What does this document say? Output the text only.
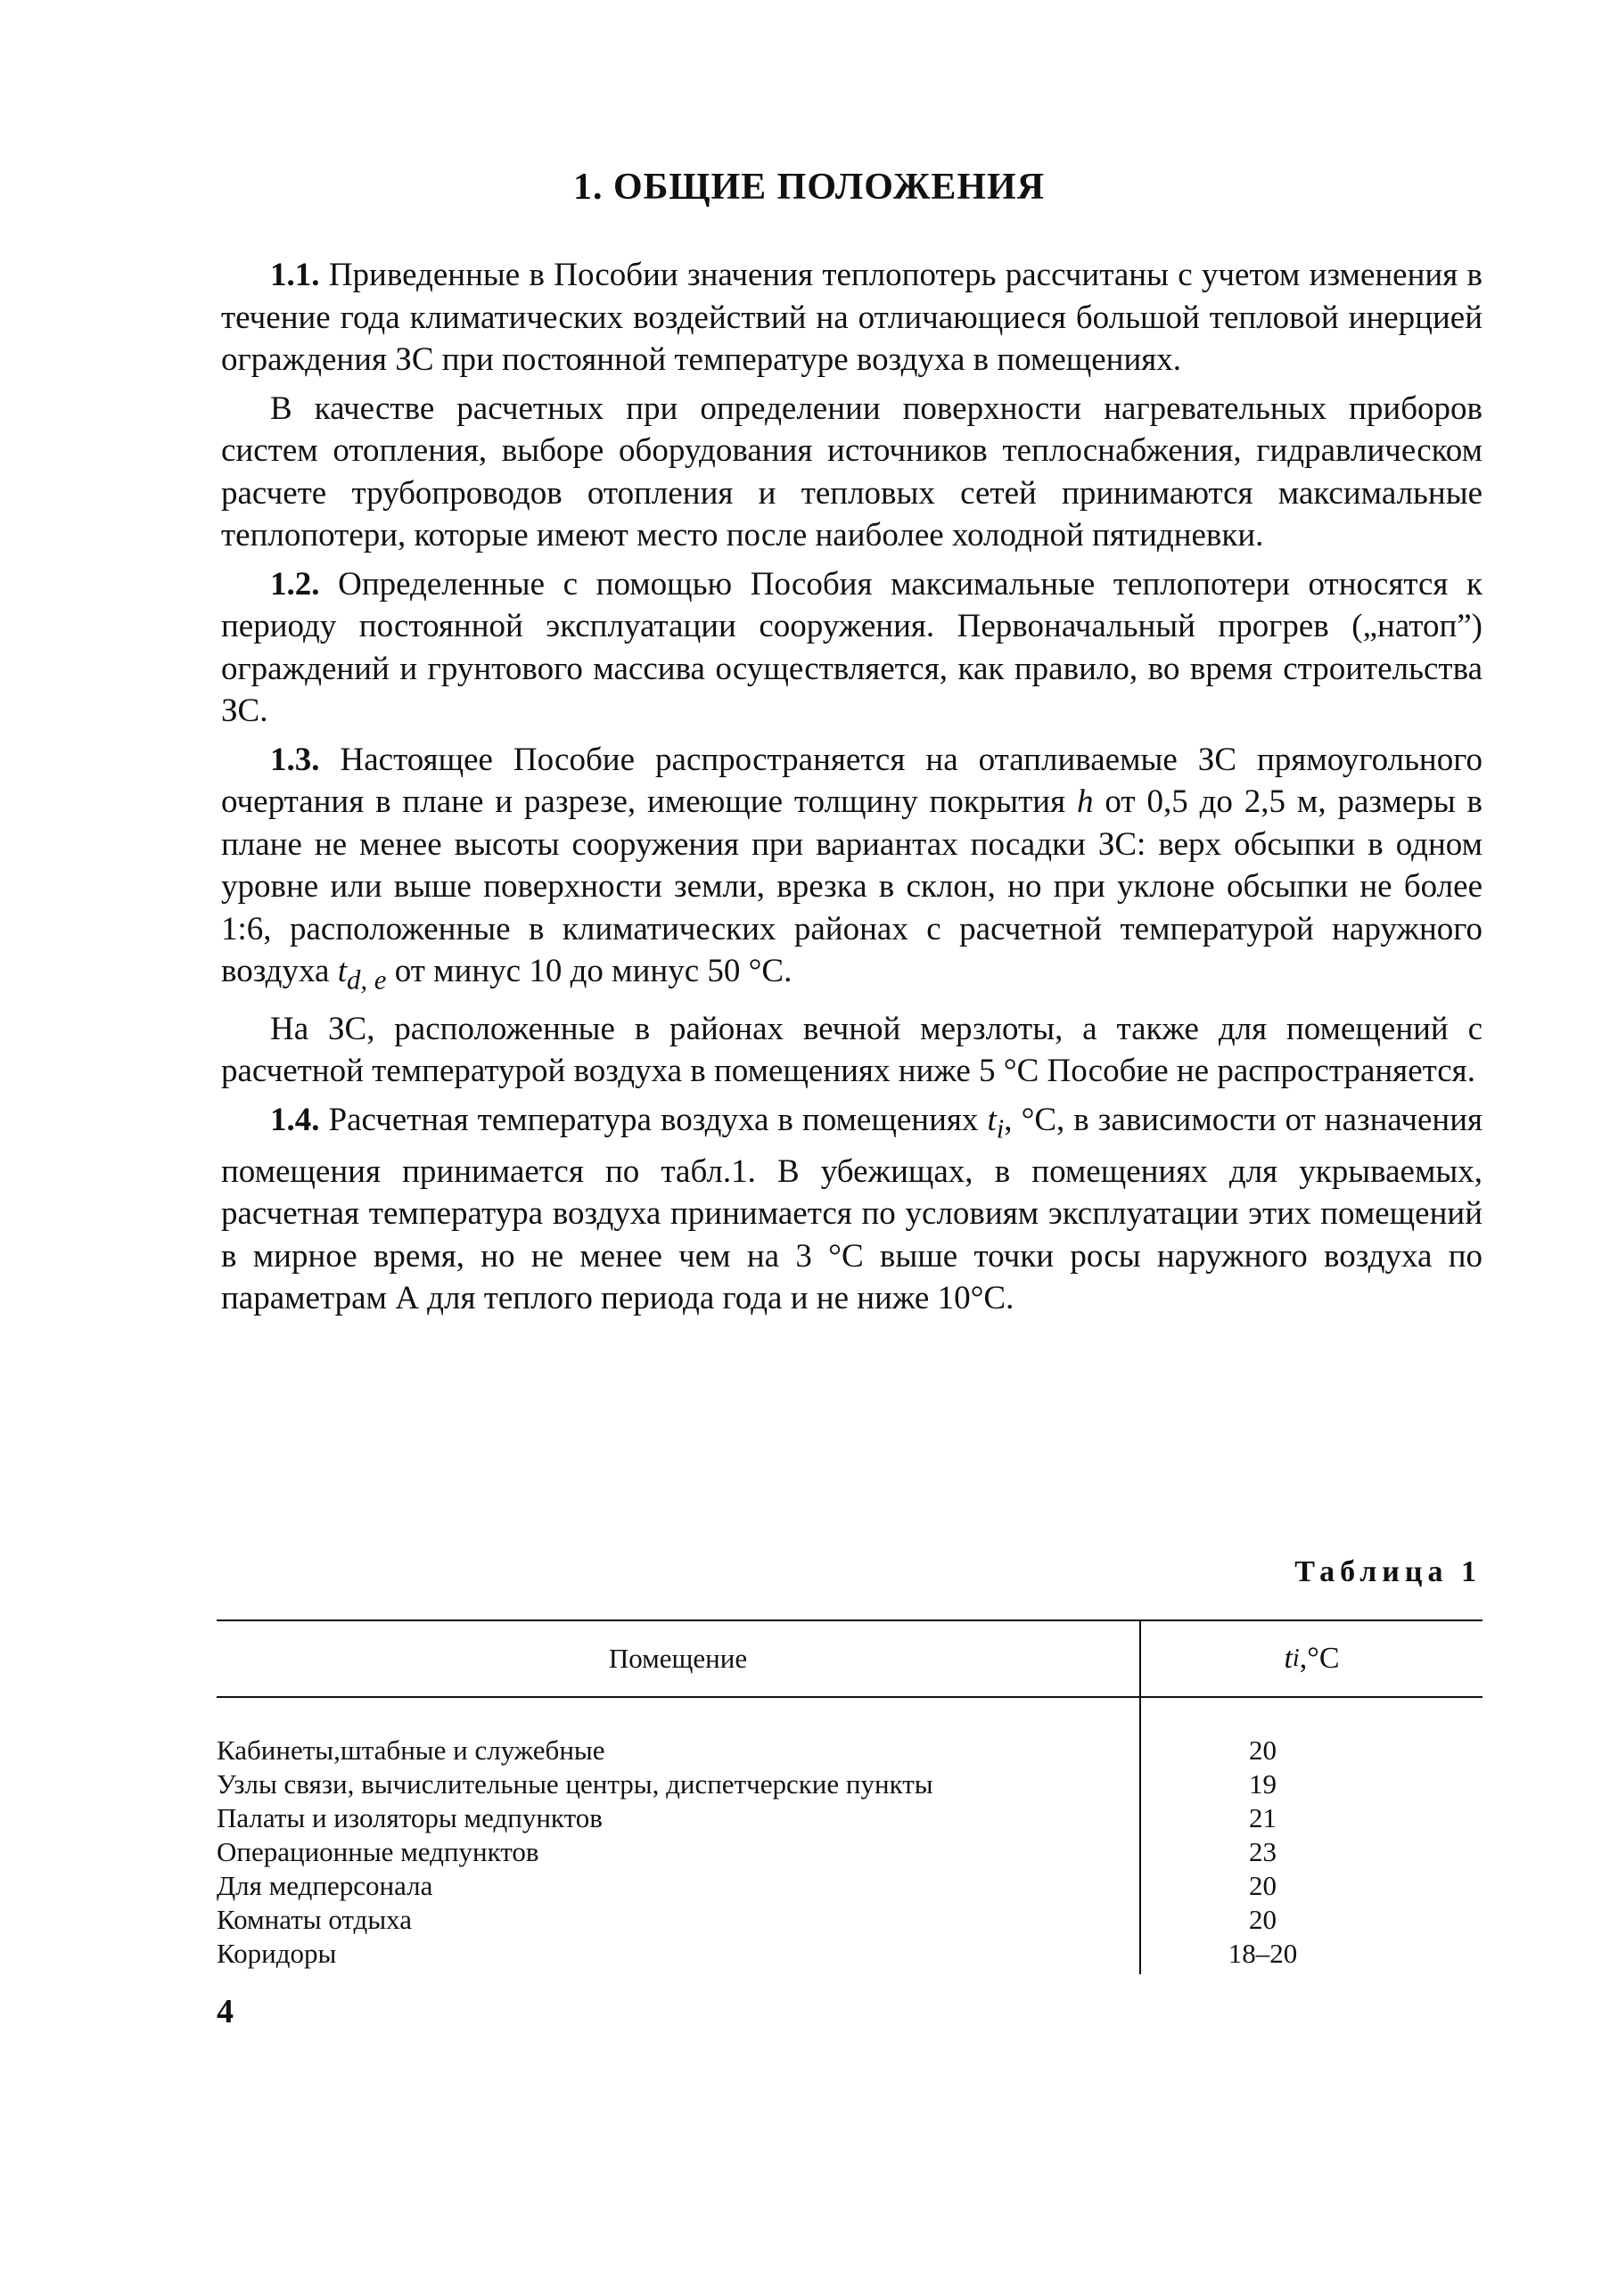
1. ОБЩИЕ ПОЛОЖЕНИЯ

1.1. Приведенные в Пособии значения теплопотерь рассчитаны с учетом изменения в течение года климатических воздействий на отличающиеся большой тепловой инерцией ограждения ЗС при постоянной температуре воздуха в помещениях.

В качестве расчетных при определении поверхности нагревательных приборов систем отопления, выборе оборудования источников теплоснабжения, гидравлическом расчете трубопроводов отопления и тепловых сетей принимаются максимальные теплопотери, которые имеют место после наиболее холодной пятидневки.

1.2. Определенные с помощью Пособия максимальные теплопотери относятся к периоду постоянной эксплуатации сооружения. Первоначальный прогрев („натоп”) ограждений и грунтового массива осуществляется, как правило, во время строительства ЗС.

1.3. Настоящее Пособие распространяется на отапливаемые ЗС прямоугольного очертания в плане и разрезе, имеющие толщину покрытия h от 0,5 до 2,5 м, размеры в плане не менее высоты сооружения при вариантах посадки ЗС: верх обсыпки в одном уровне или выше поверхности земли, врезка в склон, но при уклоне обсыпки не более 1:6, расположенные в климатических районах с расчетной температурой наружного воздуха $t_{d, e}$ от минус 10 до минус 50 °С.

На ЗС, расположенные в районах вечной мерзлоты, а также для помещений с расчетной температурой воздуха в помещениях ниже 5 °С Пособие не распространяется.

1.4. Расчетная температура воздуха в помещениях $t_i$, °С, в зависимости от назначения помещения принимается по табл.1. В убежищах, в помещениях для укрываемых, расчетная температура воздуха принимается по условиям эксплуатации этих помещений в мирное время, но не менее чем на 3 °С выше точки росы наружного воздуха по параметрам А для теплого периода года и не ниже 10°С.

Таблица 1
Помещение	t i ,°С
Кабинеты,штабные и служебные
Узлы связи, вычислительные центры, диспетчерские пункты
Палаты и изоляторы медпунктов
Операционные медпунктов
Для медперсонала
Комнаты отдыха
Коридоры
20
19
21
23
20
20
18–20
4
